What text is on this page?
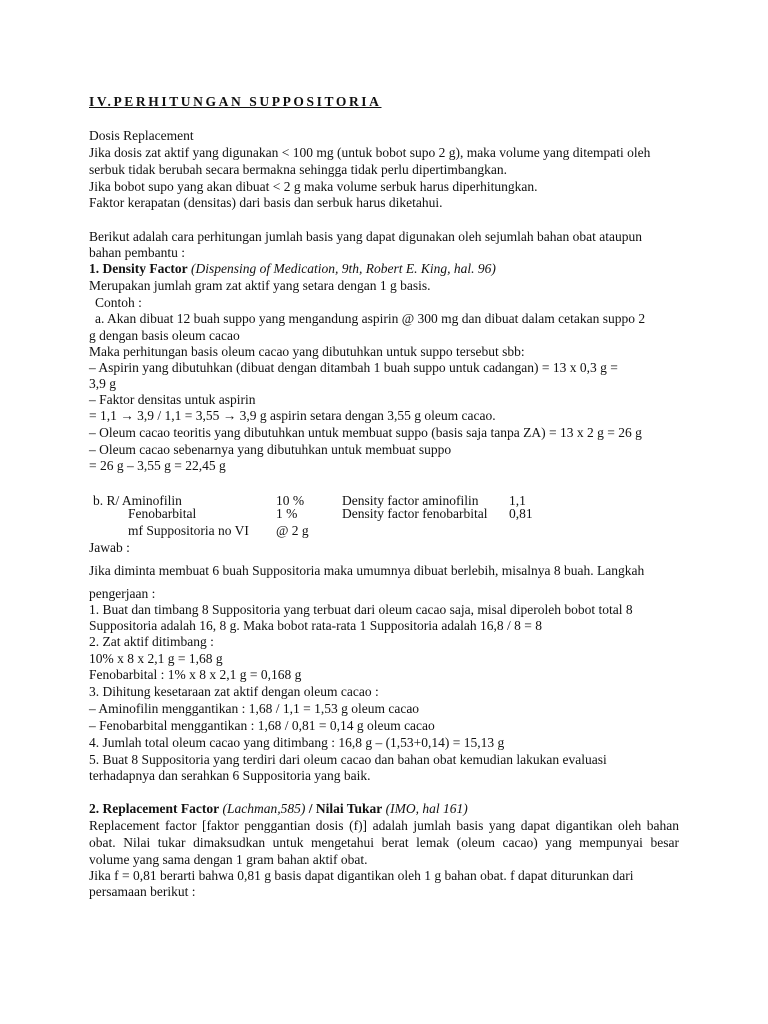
IV.PERHITUNGAN SUPPOSITORIA
Dosis Replacement
Jika dosis zat aktif yang digunakan < 100 mg (untuk bobot supo 2 g), maka volume yang ditempati oleh
serbuk tidak berubah secara bermakna sehingga tidak perlu dipertimbangkan.
Jika bobot supo yang akan dibuat < 2 g maka volume serbuk harus diperhitungkan.
Faktor kerapatan (densitas) dari basis dan serbuk harus diketahui.
Berikut adalah cara perhitungan jumlah basis yang dapat digunakan oleh sejumlah bahan obat ataupun
bahan pembantu :
1. Density Factor (Dispensing of Medication, 9th, Robert E. King, hal. 96)
Merupakan jumlah gram zat aktif yang setara dengan 1 g basis.
Contoh :
a. Akan dibuat 12 buah suppo yang mengandung aspirin @ 300 mg dan dibuat dalam cetakan suppo 2
g dengan basis oleum cacao
Maka perhitungan basis oleum cacao yang dibutuhkan untuk suppo tersebut sbb:
– Aspirin yang dibutuhkan (dibuat dengan ditambah 1 buah suppo untuk cadangan) = 13 x 0,3 g =
3,9 g
– Faktor densitas untuk aspirin
= 1,1 → 3,9 / 1,1 = 3,55 → 3,9 g aspirin setara dengan 3,55 g oleum cacao.
– Oleum cacao teoritis yang dibutuhkan untuk membuat suppo (basis saja tanpa ZA) = 13 x 2 g = 26 g
– Oleum cacao sebenarnya yang dibutuhkan untuk membuat suppo
= 26 g – 3,55 g = 22,45 g
b. R/ Aminofilin	10 %	Density factor aminofilin 1,1
Fenobarbital	1 %	Density factor fenobarbital 0,81
mf Suppositoria no VI @ 2 g
Jawab :
Jika diminta membuat 6 buah Suppositoria maka umumnya dibuat berlebih, misalnya 8 buah. Langkah
pengerjaan :
1. Buat dan timbang 8 Suppositoria yang terbuat dari oleum cacao saja, misal diperoleh bobot total 8
Suppositoria adalah 16, 8 g. Maka bobot rata-rata 1 Suppositoria adalah 16,8 / 8 = 8
2. Zat aktif ditimbang :
10% x 8 x 2,1 g = 1,68 g
Fenobarbital : 1% x 8 x 2,1 g = 0,168 g
3. Dihitung kesetaraan zat aktif dengan oleum cacao :
– Aminofilin menggantikan : 1,68 / 1,1 = 1,53 g oleum cacao
– Fenobarbital menggantikan : 1,68 / 0,81 = 0,14 g oleum cacao
4. Jumlah total oleum cacao yang ditimbang : 16,8 g – (1,53+0,14) = 15,13 g
5. Buat 8 Suppositoria yang terdiri dari oleum cacao dan bahan obat kemudian lakukan evaluasi
terhadapnya dan serahkan 6 Suppositoria yang baik.
2. Replacement Factor (Lachman,585) / Nilai Tukar (IMO, hal 161)
Replacement factor [faktor penggantian dosis (f)] adalah jumlah basis yang dapat digantikan oleh bahan
obat. Nilai tukar dimaksudkan untuk mengetahui berat lemak (oleum cacao) yang mempunyai besar
volume yang sama dengan 1 gram bahan aktif obat.
Jika f = 0,81 berarti bahwa 0,81 g basis dapat digantikan oleh 1 g bahan obat. f dapat diturunkan dari
persamaan berikut :
